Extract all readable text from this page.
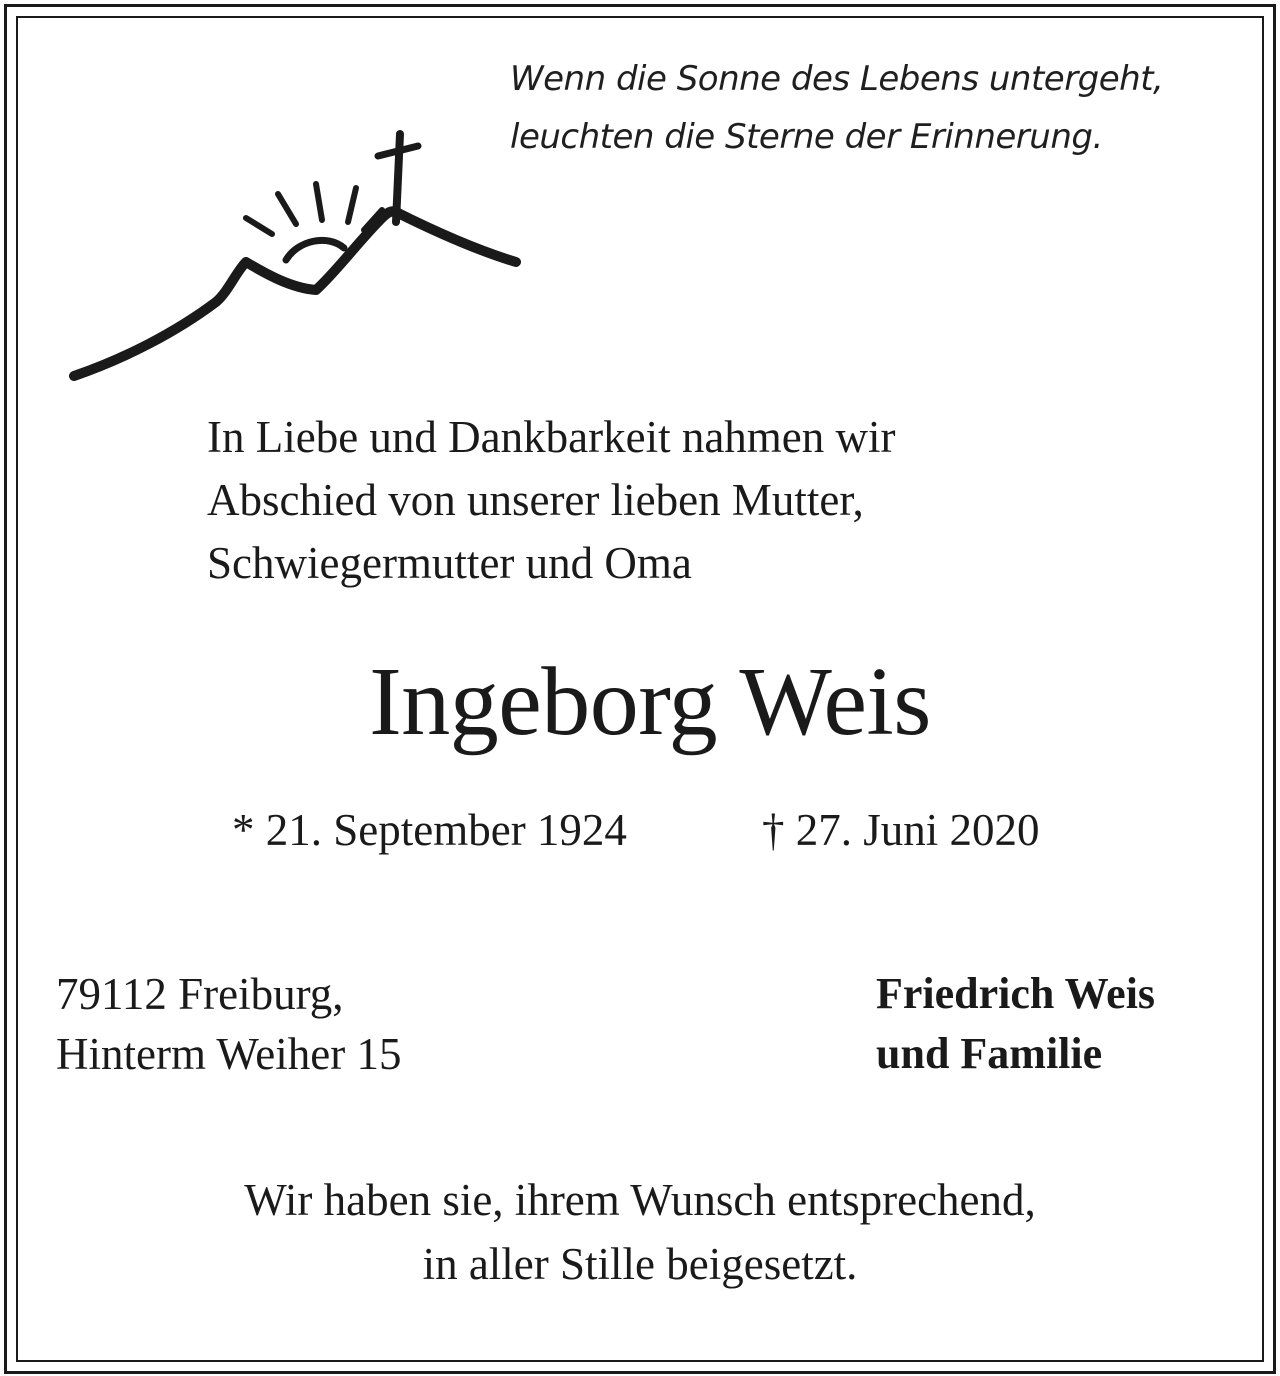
Wenn die Sonne des Lebens untergeht,
leuchten die Sterne der Erinnerung.
In Liebe und Dankbarkeit nahmen wir
Abschied von unserer lieben Mutter,
Schwiegermutter und Oma
Ingeborg Weis
* 21. September 1924	† 27. Juni 2020
79112 Freiburg,
Hinterm Weiher 15
Friedrich Weis
und Familie
Wir haben sie, ihrem Wunsch entsprechend,
in aller Stille beigesetzt.
